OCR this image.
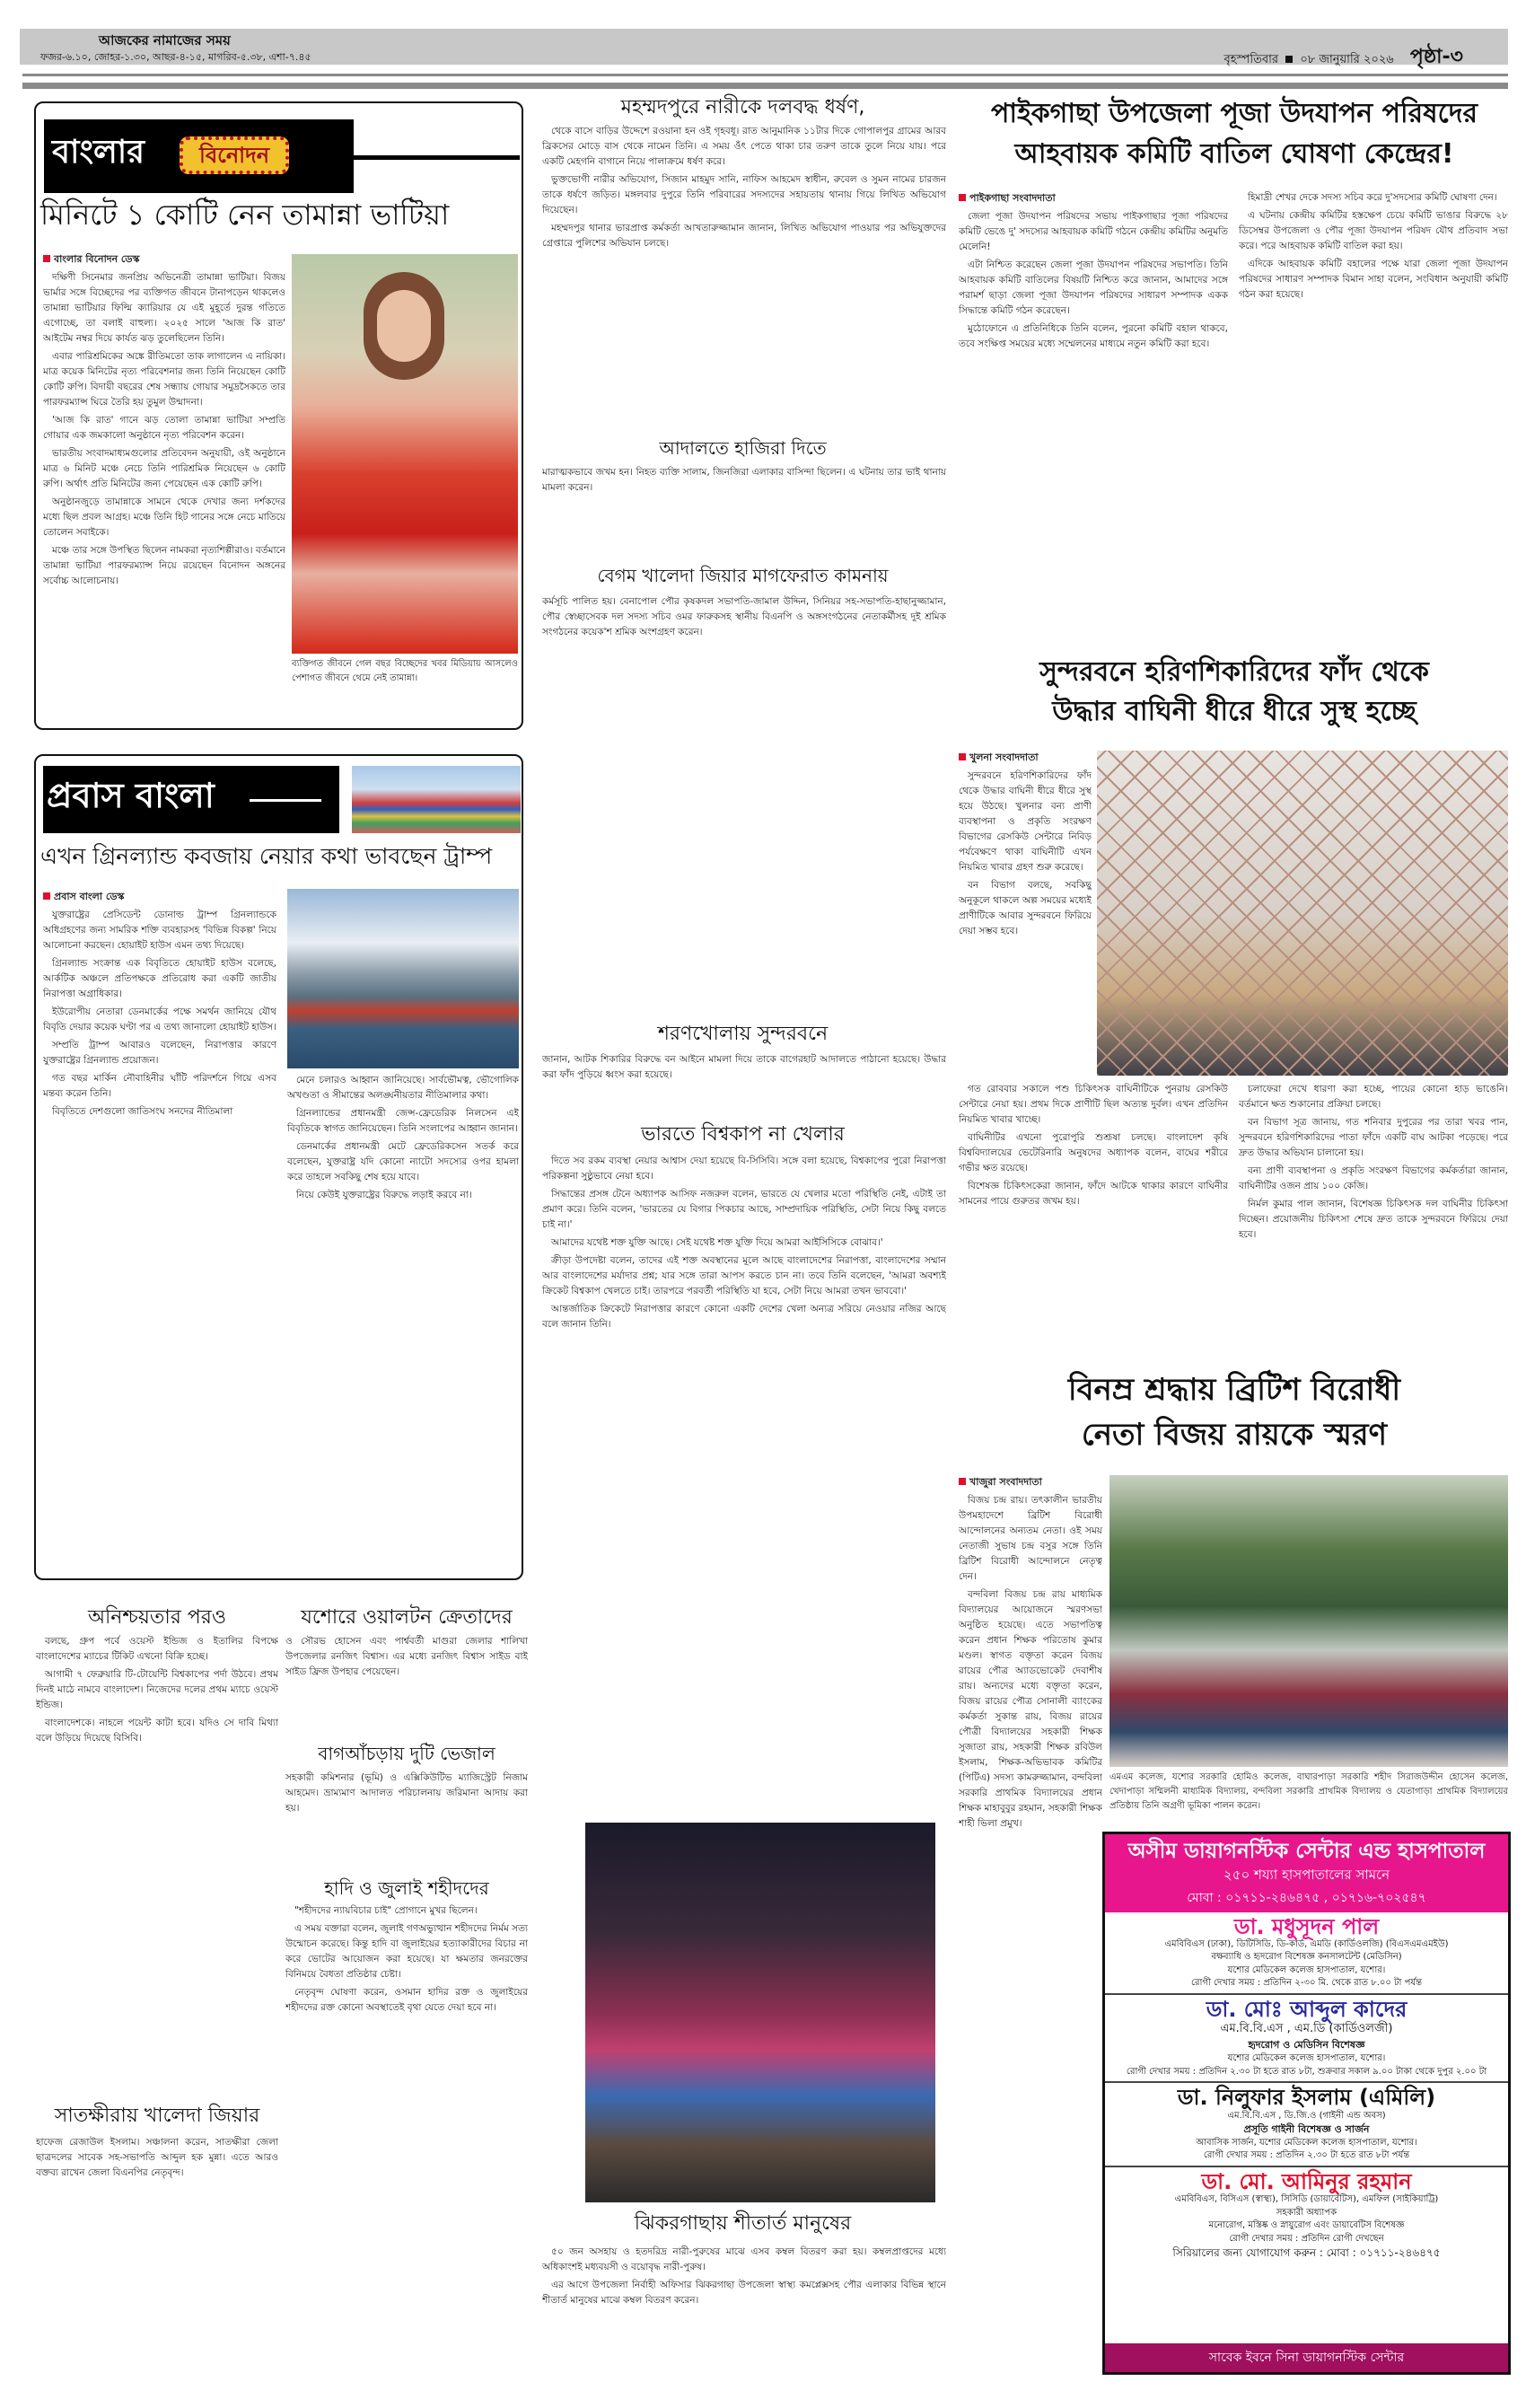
আজকের নামাজের সময়
ফজর-৬.১০, জোহর-১.৩০, আছর-৪-১৫, মাগরিব-৫.৩৮, এশা-৭.৪৫	বৃহস্পতিবার ০৮ জানুয়ারি ২০২৬ পৃষ্ঠা-৩
বাংলার	বিনোদন
মিনিটে ১ কোটি নেন তামান্না ভাটিয়া
বাংলার বিনোদন ডেস্ক

দক্ষিণী সিনেমার জনপ্রিয় অভিনেত্রী তামান্না ভাটিয়া। বিজয় ভার্মার সঙ্গে বিচ্ছেদের পর ব্যক্তিগত জীবনে টানাপড়েন থাকলেও তামান্না ভাটিয়ার ফিল্মি ক্যারিয়ার যে এই মুহূর্তে দুরন্ত গতিতে এগোচ্ছে, তা বলাই বাহুল্য। ২০২৫ সালে 'আজ কি রাত' আইটেম নম্বর দিয়ে কার্যত ঝড় তুলেছিলেন তিনি।

এবার পারিশ্রমিকের অঙ্কে রীতিমতো তাক লাগালেন এ নায়িকা। মাত্র কয়েক মিনিটের নৃত্য পরিবেশনার জন্য তিনি নিয়েছেন কোটি কোটি রুপি। বিদায়ী বছরের শেষ সন্ধ্যায় গোয়ার সমুদ্রসৈকতে তার পারফরম্যান্স ঘিরে তৈরি হয় তুমুল উন্মাদনা।

'আজ কি রাত' গানে ঝড় তোলা তামান্না ভাটিয়া সম্প্রতি গোয়ার এক জমকালো অনুষ্ঠানে নৃত্য পরিবেশন করেন।

ভারতীয় সংবাদমাধ্যমগুলোর প্রতিবেদন অনুযায়ী, ওই অনুষ্ঠানে মাত্র ৬ মিনিট মঞ্চে নেচে তিনি পারিশ্রমিক নিয়েছেন ৬ কোটি রুপি। অর্থাৎ প্রতি মিনিটের জন্য পেয়েছেন এক কোটি রুপি।

অনুষ্ঠানজুড়ে তামান্নাকে সামনে থেকে দেখার জন্য দর্শকদের মধ্যে ছিল প্রবল আগ্রহ। মঞ্চে তিনি হিট গানের সঙ্গে নেচে মাতিয়ে তোলেন সবাইকে।

মঞ্চে তার সঙ্গে উপস্থিত ছিলেন নামকরা নৃত্যশিল্পীরাও। বর্তমানে তামান্না ভাটিয়া পারফরম্যান্স নিয়ে রয়েছেন বিনোদন অঙ্গনের সর্বোচ্চ আলোচনায়।

ব্যক্তিগত জীবনে গেল বছর বিচ্ছেদের খবর মিডিয়ায় আসলেও পেশাগত জীবনে থেমে নেই তামান্না।
প্রবাস বাংলা
এখন গ্রিনল্যান্ড কবজায় নেয়ার কথা ভাবছেন ট্রাম্প
প্রবাস বাংলা ডেস্ক

যুক্তরাষ্ট্রের প্রেসিডেন্ট ডোনাল্ড ট্রাম্প গ্রিনল্যান্ডকে অধিগ্রহণের জন্য সামরিক শক্তি ব্যবহারসহ 'বিভিন্ন বিকল্প' নিয়ে আলোচনা করছেন। হোয়াইট হাউস এমন তথ্য দিয়েছে।

গ্রিনল্যান্ড সংক্রান্ত এক বিবৃতিতে হোয়াইট হাউস বলেছে, আর্কটিক অঞ্চলে প্রতিপক্ষকে প্রতিরোধ করা একটি জাতীয় নিরাপত্তা অগ্রাধিকার।

ইউরোপীয় নেতারা ডেনমার্কের পক্ষে সমর্থন জানিয়ে যৌথ বিবৃতি দেয়ার কয়েক ঘণ্টা পর এ তথ্য জানালো হোয়াইট হাউস।

সম্প্রতি ট্রাম্প আবারও বলেছেন, নিরাপত্তার কারণে যুক্তরাষ্ট্রের গ্রিনল্যান্ড প্রয়োজন।

গত বছর মার্কিন নৌবাহিনীর ঘাঁটি পরিদর্শনে গিয়ে এসব মন্তব্য করেন তিনি।

বিবৃতিতে দেশগুলো জাতিসংঘ সনদের নীতিমালা

মেনে চলারও আহ্বান জানিয়েছে। সার্বভৌমত্ব, ভৌগোলিক অখণ্ডতা ও সীমান্তের অলঙ্ঘনীয়তার নীতিমালার কথা।

গ্রিনল্যান্ডের প্রধানমন্ত্রী জেন্স-ফ্রেডেরিক নিলসেন এই বিবৃতিকে স্বাগত জানিয়েছেন। তিনি সংলাপের আহ্বান জানান।

ডেনমার্কের প্রধানমন্ত্রী মেটে ফ্রেডেরিকসেন সতর্ক করে বলেছেন, যুক্তরাষ্ট্র যদি কোনো ন্যাটো সদস্যের ওপর হামলা করে তাহলে সবকিছু শেষ হয়ে যাবে।

নিয়ে কেউই যুক্তরাষ্ট্রের বিরুদ্ধে লড়াই করবে না।

অনিশ্চয়তার পরও

বলছে, গ্রুপ পর্বে ওয়েস্ট ইন্ডিজ ও ইতালির বিপক্ষে বাংলাদেশের ম্যাচের টিকিট এখনো বিক্রি হচ্ছে।

আগামী ৭ ফেব্রুয়ারি টি-টোয়েন্টি বিশ্বকাপের পর্দা উঠবে। প্রথম দিনই মাঠে নামবে বাংলাদেশ। নিজেদের দলের প্রথম ম্যাচে ওয়েস্ট ইন্ডিজ।

বাংলাদেশকে। নাহলে পয়েন্ট কাটা হবে। যদিও সে দাবি মিথ্যা বলে উড়িয়ে দিয়েছে বিসিবি।

সাতক্ষীরায় খালেদা জিয়ার
হাফেজ রেজাউল ইসলাম। সঞ্চালনা করেন, সাতক্ষীরা জেলা ছাত্রদলের সাবেক সহ-সভাপতি আব্দুল হক মুন্না। এতে আরও বক্তব্য রাখেন জেলা বিএনপির নেতৃবৃন্দ।
যশোরে ওয়ালটন ক্রেতাদের
ও সৌরভ হোসেন এবং পার্শ্ববর্তী মাগুরা জেলার শালিখা উপজেলার রনজিৎ বিশ্বাস। এর মধ্যে রনজিৎ বিশ্বাস সাইড বাই সাইড ফ্রিজ উপহার পেয়েছেন।
বাগআঁচড়ায় দুটি ভেজাল
সহকারী কমিশনার (ভূমি) ও এক্সিকিউটিভ ম্যাজিস্ট্রেট নিজাম আহমেদ। ভ্রাম্যমাণ আদালত পরিচালনায় জরিমানা আদায় করা হয়।
হাদি ও জুলাই শহীদদের

"শহীদদের ন্যায়বিচার চাই" প্রোগানে মুখর ছিলেন।

এ সময় বক্তারা বলেন, জুলাই গণঅভ্যুত্থান শহীদদের নির্মম সত্য উন্মোচন করেছে। কিন্তু হাদি বা জুলাইয়ের হত্যাকারীদের বিচার না করে ভোটের আয়োজন করা হয়েছে। যা ক্ষমতার জনরক্তের বিনিময়ে বৈধতা প্রতিষ্ঠার চেষ্টা।

নেতৃবৃন্দ ঘোষণা করেন, ওসমান হাদির রক্ত ও জুলাইয়ের শহীদদের রক্ত কোনো অবস্থাতেই বৃথা যেতে দেয়া হবে না।

মহম্মদপুরে নারীকে দলবদ্ধ ধর্ষণ,

থেকে বাসে বাড়ির উদ্দেশে রওয়ানা হন ওই গৃহবধূ। রাত আনুমানিক ১১টার দিকে গোপালপুর গ্রামের আরব ব্রিকসের মোড়ে বাস থেকে নামেন তিনি। এ সময় ওঁৎ পেতে থাকা চার তরুণ তাকে তুলে নিয়ে যায়। পরে একটি মেহগনি বাগানে নিয়ে পালাক্রমে ধর্ষণ করে।

ভুক্তভোগী নারীর অভিযোগ, সিজান মাহমুদ সানি, নাফিস আহমেদ স্বাধীন, রুবেল ও সুমন নামের চারজন তাকে ধর্ষণে জড়িত। মঙ্গলবার দুপুরে তিনি পরিবারের সদস্যদের সহায়তায় থানায় গিয়ে লিখিত অভিযোগ দিয়েছেন।

মহম্মদপুর থানার ভারপ্রাপ্ত কর্মকর্তা আখতারুজ্জামান জানান, লিখিত অভিযোগ পাওয়ার পর অভিযুক্তদের গ্রেপ্তারে পুলিশের অভিযান চলছে।

আদালতে হাজিরা দিতে
মারাত্মকভাবে জখম হন। নিহত ব্যক্তি সালাম, জিনজিরা এলাকার বাসিন্দা ছিলেন। এ ঘটনায় তার ভাই থানায় মামলা করেন।
বেগম খালেদা জিয়ার মাগফেরাত কামনায়
কর্মসূচি পালিত হয়। বেনাপোল পৌর কৃষকদল সভাপতি-জামাল উদ্দিন, সিনিয়র সহ-সভাপতি-হাছানুজ্জামান, পৌর স্বেচ্ছাসেবক দল সদস্য সচিব ওমর ফারুকসহ স্থানীয় বিএনপি ও অঙ্গসংগঠনের নেতাকর্মীসহ দুই শ্রমিক সংগঠনের কয়েক'শ শ্রমিক অংশগ্রহণ করেন।
শরণখোলায় সুন্দরবনে
জানান, আটক শিকারির বিরুদ্ধে বন আইনে মামলা দিয়ে তাকে বাগেরহাট আদালতে পাঠানো হয়েছে। উদ্ধার করা ফাঁদ পুড়িয়ে ধ্বংস করা হয়েছে।
ভারতে বিশ্বকাপ না খেলার

দিতে সব রকম ব্যবস্থা নেয়ার আশ্বাস দেয়া হয়েছে বি-সিসিবি। সঙ্গে বলা হয়েছে, বিশ্বকাপের পুরো নিরাপত্তা পরিকল্পনা সুষ্ঠুভাবে নেয়া হবে।

সিদ্ধান্তের প্রসঙ্গ টেনে অধ্যাপক আসিফ নজরুল বলেন, ভারতে যে খেলার মতো পরিস্থিতি নেই, এটাই তা প্রমাণ করে। তিনি বলেন, 'ভারতের যে বিগার পিকচার আছে, সাম্প্রদায়িক পরিস্থিতি, সেটা নিয়ে কিছু বলতে চাই না।'

আমাদের যথেষ্ট শক্ত যুক্তি আছে। সেই যথেষ্ট শক্ত যুক্তি দিয়ে আমরা আইসিসিকে বোঝাব।'

ক্রীড়া উপদেষ্টা বলেন, তাদের এই শক্ত অবস্থানের মূলে আছে বাংলাদেশের নিরাপত্তা, বাংলাদেশের সম্মান আর বাংলাদেশের মর্যাদার প্রশ্ন; যার সঙ্গে তারা আপস করতে চান না। তবে তিনি বলেছেন, 'আমরা অবশ্যই ক্রিকেট বিশ্বকাপ খেলতে চাই। তারপরে পরবর্তী পরিস্থিতি যা হবে, সেটা নিয়ে আমরা তখন ভাববো।'

আন্তর্জাতিক ক্রিকেটে নিরাপত্তার কারণে কোনো একটি দেশের খেলা অন্যত্র সরিয়ে নেওয়ার নজির আছে বলে জানান তিনি।

ঝিকরগাছায় শীতার্ত মানুষের

৫০ জন অসহায় ও হতদরিদ্র নারী-পুরুষের মাঝে এসব কম্বল বিতরণ করা হয়। কম্বলপ্রাপ্তদের মধ্যে অধিকাংশই মধ্যবয়সী ও বয়োবৃদ্ধ নারী-পুরুষ।

এর আগে উপজেলা নির্বাহী অফিসার ঝিকরগাছা উপজেলা স্বাস্থ্য কমপ্লেক্সসহ পৌর এলাকার বিভিন্ন স্থানে শীতার্ত মানুষের মাঝে কম্বল বিতরণ করেন।

পাইকগাছা উপজেলা পূজা উদযাপন পরিষদের
আহবায়ক কমিটি বাতিল ঘোষণা কেন্দ্রের!
পাইকগাছা সংবাদদাতা

জেলা পূজা উদযাপন পরিষদের সভায় পাইকগাছার পূজা পরিষদের কমিটি ভেঙে দু' সদস্যের আহবায়ক কমিটি গঠনে কেন্দ্রীয় কমিটির অনুমতি মেলেনি!

এটা নিশ্চিত করেছেন জেলা পূজা উদযাপন পরিষদের সভাপতি। তিনি আহবায়ক কমিটি বাতিলের বিষয়টি নিশ্চিত করে জানান, আমাদের সঙ্গে পরামর্শ ছাড়া জেলা পূজা উদযাপন পরিষদের সাধারণ সম্পাদক একক সিদ্ধান্তে কমিটি গঠন করেছেন।

মুঠোফোনে এ প্রতিনিধিকে তিনি বলেন, পুরনো কমিটি বহাল থাকবে, তবে সংক্ষিপ্ত সময়ের মধ্যে সম্মেলনের মাধ্যমে নতুন কমিটি করা হবে।

হিমাদ্রী শেখর দেকে সদস্য সচিব করে দু'সদস্যের কমিটি ঘোষণা দেন।

এ ঘটনায় কেন্দ্রীয় কমিটির হস্তক্ষেপ চেয়ে কমিটি ভাঙার বিরুদ্ধে ২৮ ডিসেম্বর উপজেলা ও পৌর পূজা উদযাপন পরিষদ যৌথ প্রতিবাদ সভা করে। পরে আহবায়ক কমিটি বাতিল করা হয়।

এদিকে আহবায়ক কমিটি বহালের পক্ষে যারা জেলা পূজা উদযাপন পরিষদের সাধারণ সম্পাদক বিমান সাহা বলেন, সংবিধান অনুযায়ী কমিটি গঠন করা হয়েছে।

সুন্দরবনে হরিণশিকারিদের ফাঁদ থেকে
উদ্ধার বাঘিনী ধীরে ধীরে সুস্থ হচ্ছে
খুলনা সংবাদদাতা

সুন্দরবনে হরিণশিকারিদের ফাঁদ থেকে উদ্ধার বাঘিনী ধীরে ধীরে সুস্থ হয়ে উঠছে। খুলনার বন্য প্রাণী ব্যবস্থাপনা ও প্রকৃতি সংরক্ষণ বিভাগের রেসকিউ সেন্টারে নিবিড় পর্যবেক্ষণে থাকা বাঘিনীটি এখন নিয়মিত খাবার গ্রহণ শুরু করেছে।

বন বিভাগ বলছে, সবকিছু অনুকূলে থাকলে অল্প সময়ের মধ্যেই প্রাণীটিকে আবার সুন্দরবনে ফিরিয়ে দেয়া সম্ভব হবে।

গত রোববার সকালে পশু চিকিৎসক বাঘিনীটিকে পুনরায় রেসকিউ সেন্টারে নেয়া হয়। প্রথম দিকে প্রাণীটি ছিল অত্যন্ত দুর্বল। এখন প্রতিদিন নিয়মিত খাবার খাচ্ছে।

বাঘিনীটির এখনো পুরোপুরি শুশ্রূষা চলছে। বাংলাদেশ কৃষি বিশ্ববিদ্যালয়ের ভেটেরিনারি অনুষদের অধ্যাপক বলেন, বাঘের শরীরে গভীর ক্ষত রয়েছে।

বিশেষজ্ঞ চিকিৎসকেরা জানান, ফাঁদে আটকে থাকার কারণে বাঘিনীর সামনের পায়ে গুরুতর জখম হয়।

চলাফেরা দেখে ধারণা করা হচ্ছে, পায়ের কোনো হাড় ভাঙেনি। বর্তমানে ক্ষত শুকানোর প্রক্রিয়া চলছে।

বন বিভাগ সূত্র জানায়, গত শনিবার দুপুরের পর তারা খবর পান, সুন্দরবনে হরিণশিকারিদের পাতা ফাঁদে একটি বাঘ আটকা পড়েছে। পরে দ্রুত উদ্ধার অভিযান চালানো হয়।

বন্য প্রাণী ব্যবস্থাপনা ও প্রকৃতি সংরক্ষণ বিভাগের কর্মকর্তারা জানান, বাঘিনীটির ওজন প্রায় ১০০ কেজি।

নির্মল কুমার পাল জানান, বিশেষজ্ঞ চিকিৎসক দল বাঘিনীর চিকিৎসা দিচ্ছেন। প্রয়োজনীয় চিকিৎসা শেষে দ্রুত তাকে সুন্দরবনে ফিরিয়ে দেয়া হবে।

বিনম্র শ্রদ্ধায় ব্রিটিশ বিরোধী
নেতা বিজয় রায়কে স্মরণ
খাজুরা সংবাদদাতা

বিজয় চন্দ্র রায়। তৎকালীন ভারতীয় উপমহাদেশে ব্রিটিশ বিরোধী আন্দোলনের অন্যতম নেতা। ওই সময় নেতাজী সুভাষ চন্দ্র বসুর সঙ্গে তিনি ব্রিটিশ বিরোধী আন্দোলনে নেতৃত্ব দেন।

বন্দবিলা বিজয় চন্দ্র রায় মাধ্যমিক বিদ্যালয়ের আয়োজনে স্মরণসভা অনুষ্ঠিত হয়েছে। এতে সভাপতিত্ব করেন প্রধান শিক্ষক পরিতোষ কুমার মণ্ডল। স্বাগত বক্তৃতা করেন বিজয় রায়ের পৌত্র অ্যাডভোকেট দেবাশীষ রায়। অন্যদের মধ্যে বক্তৃতা করেন, বিজয় রায়ের পৌত্র সোনালী ব্যাংকের কর্মকর্তা সুকান্ত রায়, বিজয় রায়ের পৌত্রী বিদ্যালয়ের সহকারী শিক্ষক সুজাতা রায়, সহকারী শিক্ষক রবিউল ইসলাম, শিক্ষক-অভিভাবক কমিটির (পিটিএ) সদস্য কামরুজ্জামান, বন্দবিলা সরকারি প্রাথমিক বিদ্যালয়ের প্রধান শিক্ষক মাহাবুবুর রহমান, সহকারী শিক্ষক শাহী ভিলা প্রমুখ।

এমএম কলেজ, যশোর সরকারি হোমিও কলেজ, বাঘারপাড়া সরকারি শহীদ সিরাজউদ্দীন হোসেন কলেজ, খেদাপাড়া সম্মিলনী মাধ্যমিক বিদ্যালয়, বন্দবিলা সরকারি প্রাথমিক বিদ্যালয় ও যেতাগাড়া প্রাথমিক বিদ্যালয়ের প্রতিষ্ঠায় তিনি অগ্রণী ভূমিকা পালন করেন।
অসীম ডায়াগনস্টিক সেন্টার এন্ড হাসপাতাল
২৫০ শয্যা হাসপাতালের সামনে
মোবা : ০১৭১১-২৪৬৪৭৫ , ০১৭১৬-৭০২৫৪৭
ডা. মধুসূদন পাল
এমবিবিএস (ঢাকা), ডিটিসিডি, ডি-কার্ড, এমডি (কার্ডিওলজি) (বিএসএমএমইউ)
বক্ষব্যাধি ও হৃদরোগ বিশেষজ্ঞ কনসালটেন্ট (মেডিসিন)
যশোর মেডিকেল কলেজ হাসপাতাল, যশোর।
রোগী দেখার সময় : প্রতিদিন ২-৩০ মি. থেকে রাত ৮.০০ টা পর্যন্ত
ডা. মোঃ আব্দুল কাদের
এম.বি.বি.এস , এম.ডি (কার্ডিওলজী)
হৃদরোগ ও মেডিসিন বিশেষজ্ঞ
যশোর মেডিকেল কলেজ হাসপাতাল, যশোর।
রোগী দেখার সময় : প্রতিদিন ২.৩০ টা হতে রাত ৮টা, শুক্রবার সকাল ৯.০০ টাকা থেকে দুপুর ২.০০ টা
ডা. নিলুফার ইসলাম (এমিলি)
এম.বি.বি.এস , ডি.জি.ও (গাইনী এন্ড অবস)
প্রসূতি গাইনী বিশেষজ্ঞ ও সার্জন
আবাসিক সার্জন, যশোর মেডিকেল কলেজ হাসপাতাল, যশোর।
রোগী দেখার সময় : প্রতিদিন ২.৩০ টা হতে রাত ৮টা পর্যন্ত
ডা. মো. আমিনুর রহমান
এমবিবিএস, বিসিএস (স্বাস্থ্য), সিসিডি (ডায়াবেটিস), এমফিল (সাইকিয়াট্রি)
সহকারী অধ্যাপক
মনোরোগ, মস্তিষ্ক ও স্নায়ুরোগ এবং ডায়াবেটিস বিশেষজ্ঞ
রোগী দেখার সময় : প্রতিদিন রোগী দেখছেন
সিরিয়ালের জন্য যোগাযোগ করুন : মোবা : ০১৭১১-২৪৬৪৭৫
সাবেক ইবনে সিনা ডায়াগনস্টিক সেন্টার
